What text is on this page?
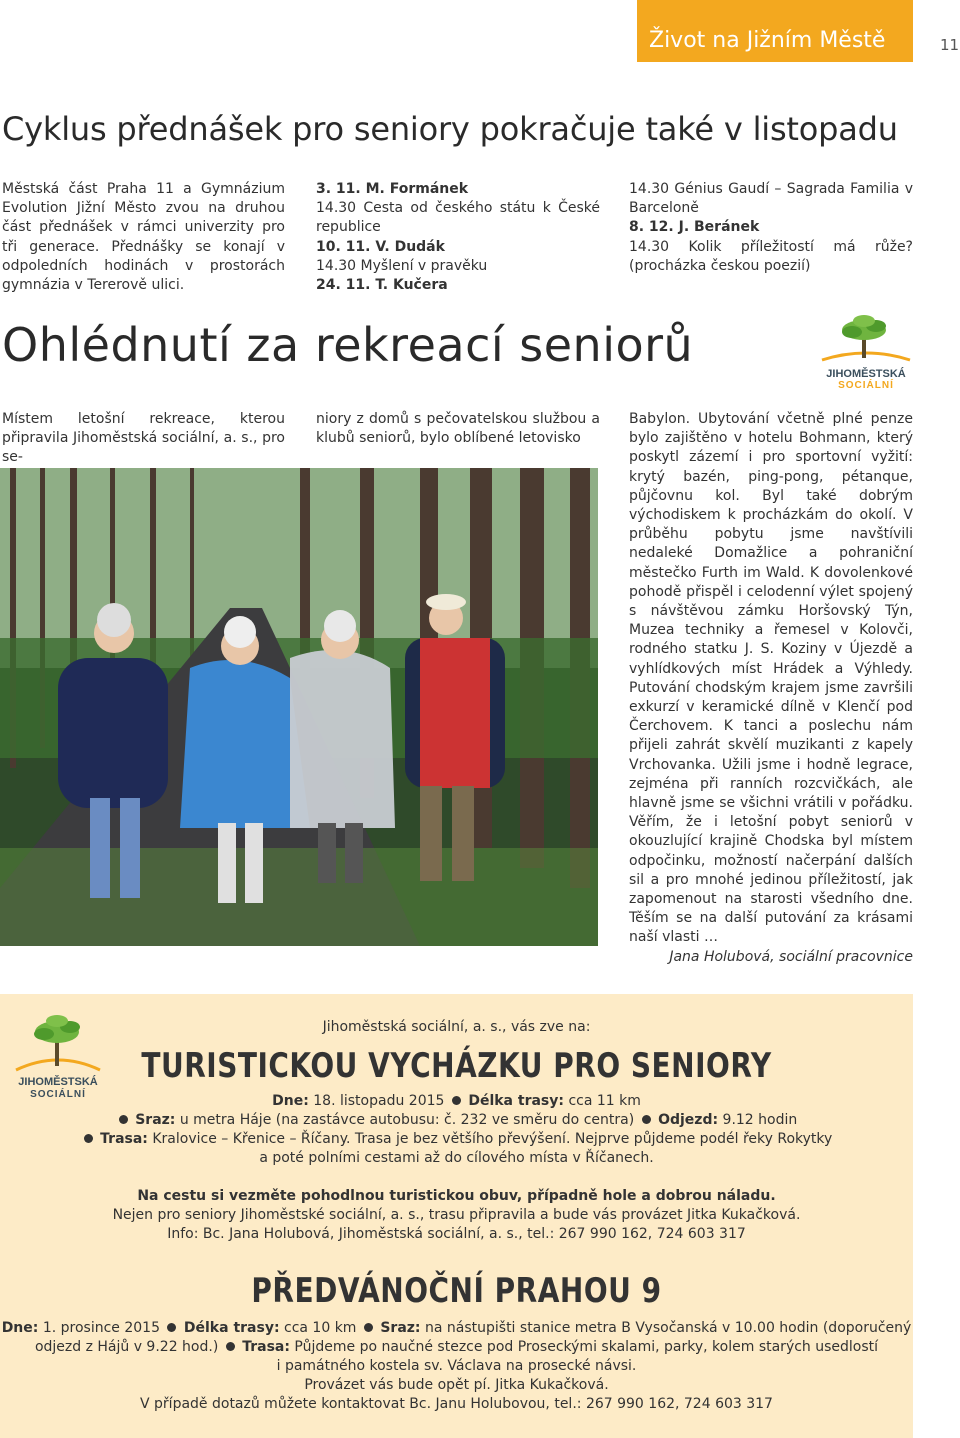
Život na Jižním Městě	11
Cyklus přednášek pro seniory pokračuje také v listopadu
Městská část Praha 11 a Gymnázium Evolution Jižní Město zvou na druhou část přednášek v rámci univerzity pro tři generace. Přednášky se konají v odpoledních hodinách v prostorách gymnázia v Tererově ulici.
3. 11. M. Formánek
14.30 Cesta od českého státu k České republice
10. 11. V. Dudák
14.30 Myšlení v pravěku
24. 11. T. Kučera
14.30 Génius Gaudí – Sagrada Familia v Barceloně
8. 12. J. Beránek
14.30 Kolik příležitostí má růže? (procházka českou poezií)
Ohlédnutí za rekreací seniorů
JIHOMĚSTSKÁ
SOCIÁLNÍ
Místem letošní rekreace, kterou připravila Jihoměstská sociální, a. s., pro se-
niory z domů s pečovatelskou službou a klubů seniorů, bylo oblíbené letovisko
Babylon. Ubytování včetně plné penze bylo zajištěno v hotelu Bohmann, který poskytl zázemí i pro sportovní vyžití: krytý bazén, ping-pong, pétanque, půjčovnu kol. Byl také dobrým východiskem k procházkám do okolí. V průběhu pobytu jsme navštívili nedaleké Domažlice a pohraniční městečko Furth im Wald. K dovolenkové pohodě přispěl i celodenní výlet spojený s návštěvou zámku Horšovský Týn, Muzea techniky a řemesel v Kolovči, rodného statku J. S. Koziny v Újezdě a vyhlídkových míst Hrádek a Výhledy. Putování chodským krajem jsme završili exkurzí v keramické dílně v Klenčí pod Čerchovem. K tanci a poslechu nám přijeli zahrát skvělí muzikanti z kapely Vrchovanka. Užili jsme i hodně legrace, zejména při ranních rozcvičkách, ale hlavně jsme se všichni vrátili v pořádku. Věřím, že i letošní pobyt seniorů v okouzlující krajině Chodska byl místem odpočinku, možností načerpání dalších sil a pro mnohé jedinou příležitostí, jak zapomenout na starosti všedního dne. Těším se na další putování za krásami naší vlasti …
Jana Holubová, sociální pracovnice
JIHOMĚSTSKÁ
SOCIÁLNÍ
Jihoměstská sociální, a. s., vás zve na:
TURISTICKOU VYCHÁZKU PRO SENIORY
Dne: 18. listopadu 2015 Délka trasy: cca 11 km
Sraz: u metra Háje (na zastávce autobusu: č. 232 ve směru do centra) Odjezd: 9.12 hodin
Trasa: Kralovice – Křenice – Říčany. Trasa je bez většího převýšení. Nejprve půjdeme podél řeky Rokytky
a poté polními cestami až do cílového místa v Říčanech.
Na cestu si vezměte pohodlnou turistickou obuv, případně hole a dobrou náladu.
Nejen pro seniory Jihoměstské sociální, a. s., trasu připravila a bude vás provázet Jitka Kukačková.
Info: Bc. Jana Holubová, Jihoměstská sociální, a. s., tel.: 267 990 162, 724 603 317
PŘEDVÁNOČNÍ PRAHOU 9
Dne: 1. prosince 2015 Délka trasy: cca 10 km Sraz: na nástupišti stanice metra B Vysočanská v 10.00 hodin (doporučený
odjezd z Hájů v 9.22 hod.) Trasa: Půjdeme po naučné stezce pod Proseckými skalami, parky, kolem starých usedlostí
i památného kostela sv. Václava na prosecké návsi.
Provázet vás bude opět pí. Jitka Kukačková.
V případě dotazů můžete kontaktovat Bc. Janu Holubovou, tel.: 267 990 162, 724 603 317
